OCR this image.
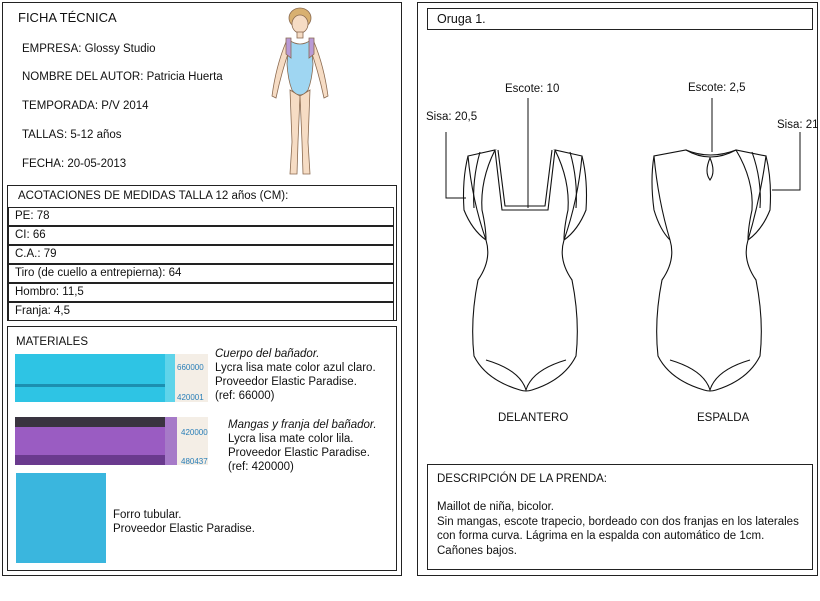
FICHA TÉCNICA
EMPRESA: Glossy Studio
NOMBRE DEL AUTOR: Patricia Huerta
TEMPORADA: P/V 2014
TALLAS: 5-12 años
FECHA: 20-05-2013
ACOTACIONES DE MEDIDAS TALLA 12 años (CM):
PE: 78
CI: 66
C.A.: 79
Tiro (de cuello a entrepierna): 64
Hombro: 11,5
Franja: 4,5
MATERIALES
660000
420001
Cuerpo del bañador.
Lycra lisa mate color azul claro.
Proveedor Elastic Paradise.
(ref: 66000)
420000
480437
Mangas y franja del bañador.
Lycra lisa mate color lila.
Proveedor Elastic Paradise.
(ref: 420000)
Forro tubular.
Proveedor Elastic Paradise.
Oruga 1.
Escote: 10
Sisa: 20,5
DELANTERO
Escote: 2,5
Sisa: 21
ESPALDA
DESCRIPCIÓN DE LA PRENDA:
Maillot de niña, bicolor.
Sin mangas, escote trapecio, bordeado con dos franjas en los laterales
con forma curva. Lágrima en la espalda con automático de 1cm.
Cañones bajos.
